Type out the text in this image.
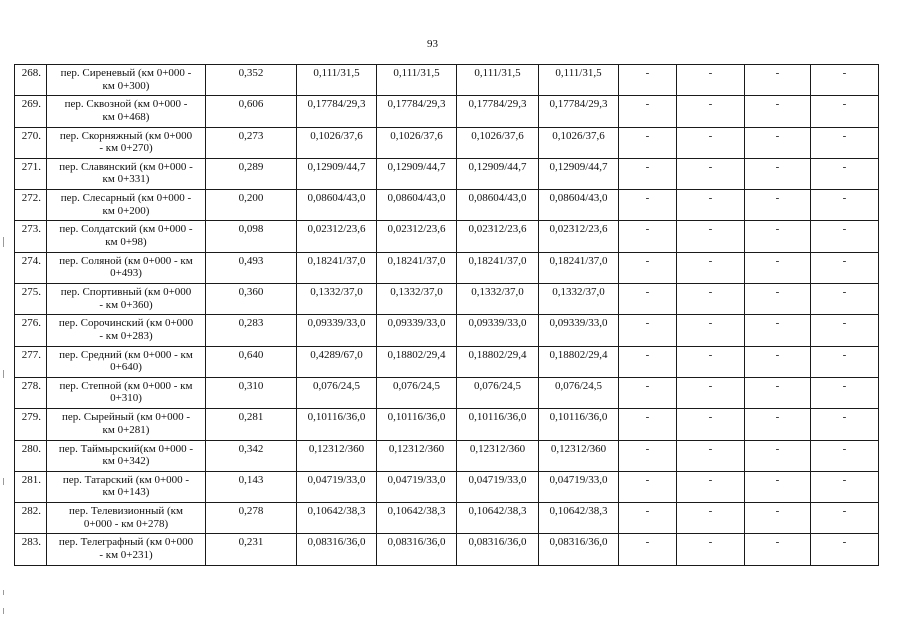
93
268.	пер. Сиреневый (км 0+000 -
км 0+300)	0,352	0,111/31,5	0,111/31,5	0,111/31,5	0,111/31,5	-	-	-	-
269.	пер. Сквозной (км 0+000 -
км 0+468)	0,606	0,17784/29,3	0,17784/29,3	0,17784/29,3	0,17784/29,3	-	-	-	-
270.	пер. Скорняжный (км 0+000
- км 0+270)	0,273	0,1026/37,6	0,1026/37,6	0,1026/37,6	0,1026/37,6	-	-	-	-
271.	пер. Славянский (км 0+000 -
км 0+331)	0,289	0,12909/44,7	0,12909/44,7	0,12909/44,7	0,12909/44,7	-	-	-	-
272.	пер. Слесарный (км 0+000 -
км 0+200)	0,200	0,08604/43,0	0,08604/43,0	0,08604/43,0	0,08604/43,0	-	-	-	-
273.	пер. Солдатский (км 0+000 -
км 0+98)	0,098	0,02312/23,6	0,02312/23,6	0,02312/23,6	0,02312/23,6	-	-	-	-
274.	пер. Соляной (км 0+000 - км
0+493)	0,493	0,18241/37,0	0,18241/37,0	0,18241/37,0	0,18241/37,0	-	-	-	-
275.	пер. Спортивный (км 0+000
- км 0+360)	0,360	0,1332/37,0	0,1332/37,0	0,1332/37,0	0,1332/37,0	-	-	-	-
276.	пер. Сорочинский (км 0+000
- км 0+283)	0,283	0,09339/33,0	0,09339/33,0	0,09339/33,0	0,09339/33,0	-	-	-	-
277.	пер. Средний (км 0+000 - км
0+640)	0,640	0,4289/67,0	0,18802/29,4	0,18802/29,4	0,18802/29,4	-	-	-	-
278.	пер. Степной (км 0+000 - км
0+310)	0,310	0,076/24,5	0,076/24,5	0,076/24,5	0,076/24,5	-	-	-	-
279.	пер. Сырейный (км 0+000 -
км 0+281)	0,281	0,10116/36,0	0,10116/36,0	0,10116/36,0	0,10116/36,0	-	-	-	-
280.	пер. Таймырский(км 0+000 -
км 0+342)	0,342	0,12312/360	0,12312/360	0,12312/360	0,12312/360	-	-	-	-
281.	пер. Татарский (км 0+000 -
км 0+143)	0,143	0,04719/33,0	0,04719/33,0	0,04719/33,0	0,04719/33,0	-	-	-	-
282.	пер. Телевизионный (км
0+000 - км 0+278)	0,278	0,10642/38,3	0,10642/38,3	0,10642/38,3	0,10642/38,3	-	-	-	-
283.	пер. Телеграфный (км 0+000
- км 0+231)	0,231	0,08316/36,0	0,08316/36,0	0,08316/36,0	0,08316/36,0	-	-	-	-
